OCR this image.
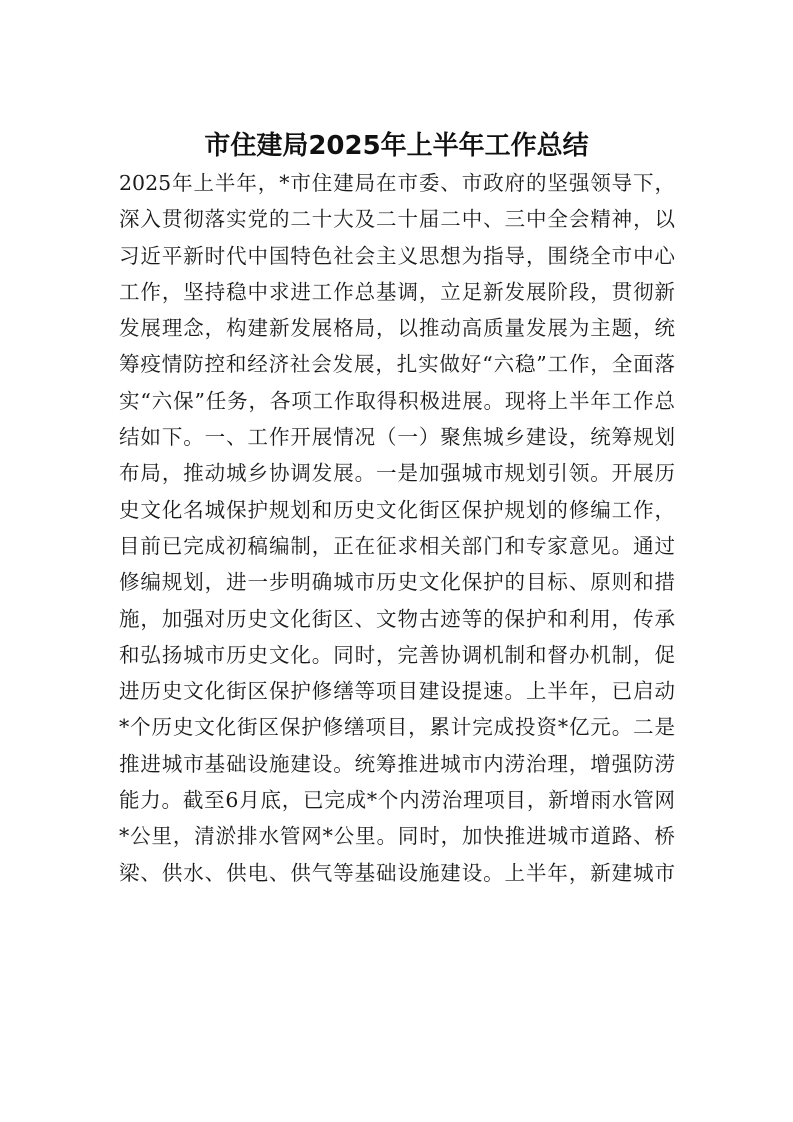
市住建局2025年上半年工作总结
2025年上半年，*市住建局在市委、市政府的坚强领导下，
深入贯彻落实党的二十大及二十届二中、三中全会精神，以
习近平新时代中国特色社会主义思想为指导，围绕全市中心
工作，坚持稳中求进工作总基调，立足新发展阶段，贯彻新
发展理念，构建新发展格局，以推动高质量发展为主题，统
筹疫情防控和经济社会发展，扎实做好“六稳”工作，全面落
实“六保”任务，各项工作取得积极进展。现将上半年工作总
结如下。一、工作开展情况（一）聚焦城乡建设，统筹规划
布局，推动城乡协调发展。一是加强城市规划引领。开展历
史文化名城保护规划和历史文化街区保护规划的修编工作，
目前已完成初稿编制，正在征求相关部门和专家意见。通过
修编规划，进一步明确城市历史文化保护的目标、原则和措
施，加强对历史文化街区、文物古迹等的保护和利用，传承
和弘扬城市历史文化。同时，完善协调机制和督办机制，促
进历史文化街区保护修缮等项目建设提速。上半年，已启动
*个历史文化街区保护修缮项目，累计完成投资*亿元。二是
推进城市基础设施建设。统筹推进城市内涝治理，增强防涝
能力。截至6月底，已完成*个内涝治理项目，新增雨水管网
*公里，清淤排水管网*公里。同时，加快推进城市道路、桥
梁、供水、供电、供气等基础设施建设。上半年，新建城市
